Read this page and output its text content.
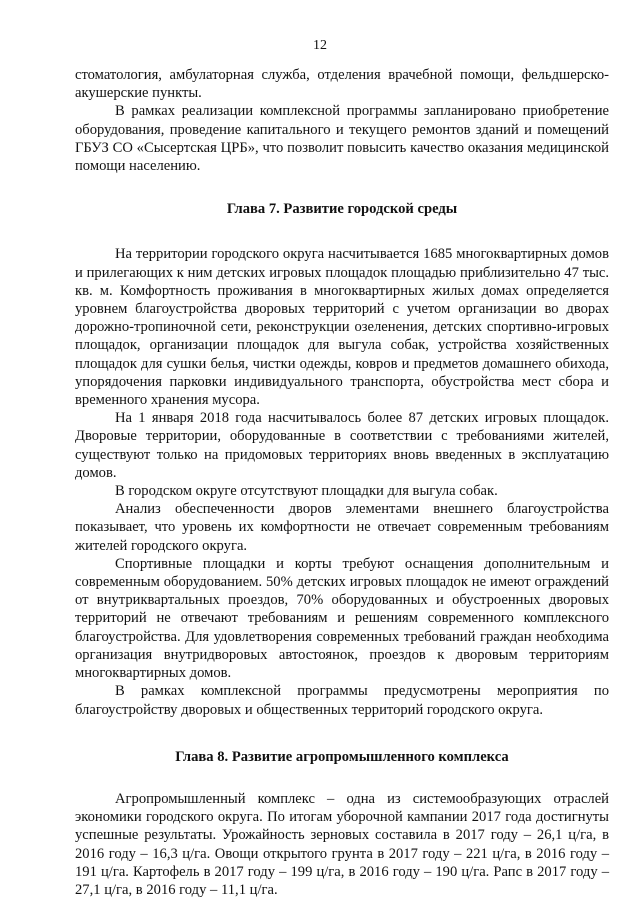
12

стоматология, амбулаторная служба, отделения врачебной помощи, фельдшерско-акушерские пункты.

В рамках реализации комплексной программы запланировано приобретение оборудования, проведение капитального и текущего ремонтов зданий и помещений ГБУЗ СО «Сысертская ЦРБ», что позволит повысить качество оказания медицинской помощи населению.

Глава 7. Развитие городской среды

На территории городского округа насчитывается 1685 многоквартирных домов и прилегающих к ним детских игровых площадок площадью приблизительно 47 тыс. кв. м. Комфортность проживания в многоквартирных жилых домах определяется уровнем благоустройства дворовых территорий с учетом организации во дворах дорожно-тропиночной сети, реконструкции озеленения, детских спортивно-игровых площадок, организации площадок для выгула собак, устройства хозяйственных площадок для сушки белья, чистки одежды, ковров и предметов домашнего обихода, упорядочения парковки индивидуального транспорта, обустройства мест сбора и временного хранения мусора.

На 1 января 2018 года насчитывалось более 87 детских игровых площадок. Дворовые территории, оборудованные в соответствии с требованиями жителей, существуют только на придомовых территориях вновь введенных в эксплуатацию домов.

В городском округе отсутствуют площадки для выгула собак.

Анализ обеспеченности дворов элементами внешнего благоустройства показывает, что уровень их комфортности не отвечает современным требованиям жителей городского округа.

Спортивные площадки и корты требуют оснащения дополнительным и современным оборудованием. 50% детских игровых площадок не имеют ограждений от внутриквартальных проездов, 70% оборудованных и обустроенных дворовых территорий не отвечают требованиям и решениям современного комплексного благоустройства. Для удовлетворения современных требований граждан необходима организация внутридворовых автостоянок, проездов к дворовым территориям многоквартирных домов.

В рамках комплексной программы предусмотрены мероприятия по благоустройству дворовых и общественных территорий городского округа.

Глава 8. Развитие агропромышленного комплекса

Агропромышленный комплекс – одна из системообразующих отраслей экономики городского округа. По итогам уборочной кампании 2017 года достигнуты успешные результаты. Урожайность зерновых составила в 2017 году – 26,1 ц/га, в 2016 году – 16,3 ц/га. Овощи открытого грунта в 2017 году – 221 ц/га, в 2016 году – 191 ц/га. Картофель в 2017 году – 199 ц/га, в 2016 году – 190 ц/га. Рапс в 2017 году – 27,1 ц/га, в 2016 году – 11,1 ц/га.
